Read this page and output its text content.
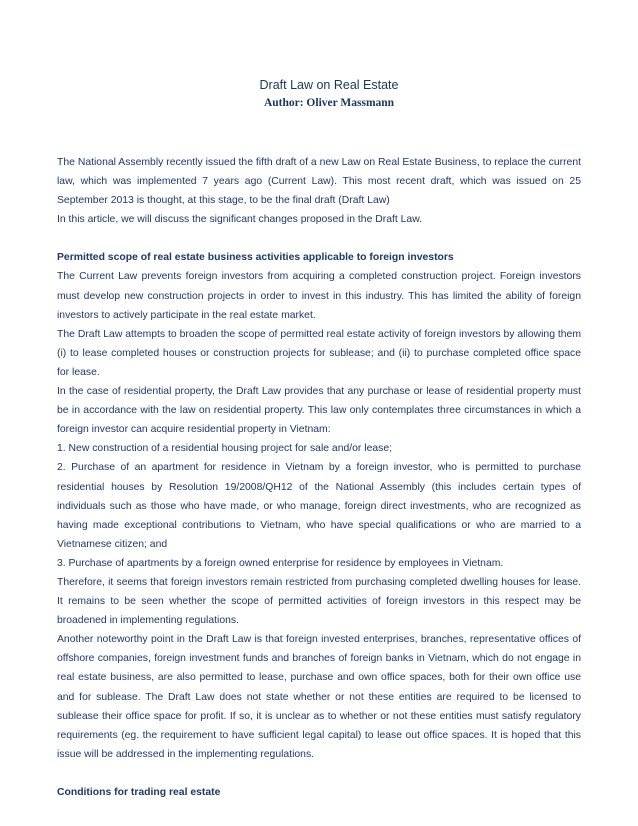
Draft Law on Real Estate
Author: Oliver Massmann

The National Assembly recently issued the fifth draft of a new Law on Real Estate Business, to replace the current law, which was implemented 7 years ago (Current Law). This most recent draft, which was issued on 25 September 2013 is thought, at this stage, to be the final draft (Draft Law)

In this article, we will discuss the significant changes proposed in the Draft Law.

Permitted scope of real estate business activities applicable to foreign investors

The Current Law prevents foreign investors from acquiring a completed construction project. Foreign investors must develop new construction projects in order to invest in this industry. This has limited the ability of foreign investors to actively participate in the real estate market.

The Draft Law attempts to broaden the scope of permitted real estate activity of foreign investors by allowing them (i) to lease completed houses or construction projects for sublease; and (ii) to purchase completed office space for lease.

In the case of residential property, the Draft Law provides that any purchase or lease of residential property must be in accordance with the law on residential property. This law only contemplates three circumstances in which a foreign investor can acquire residential property in Vietnam:

1. New construction of a residential housing project for sale and/or lease;

2. Purchase of an apartment for residence in Vietnam by a foreign investor, who is permitted to purchase residential houses by Resolution 19/2008/QH12 of the National Assembly (this includes certain types of individuals such as those who have made, or who manage, foreign direct investments, who are recognized as having made exceptional contributions to Vietnam, who have special qualifications or who are married to a Vietnamese citizen; and

3. Purchase of apartments by a foreign owned enterprise for residence by employees in Vietnam.

Therefore, it seems that foreign investors remain restricted from purchasing completed dwelling houses for lease. It remains to be seen whether the scope of permitted activities of foreign investors in this respect may be broadened in implementing regulations.

Another noteworthy point in the Draft Law is that foreign invested enterprises, branches, representative offices of offshore companies, foreign investment funds and branches of foreign banks in Vietnam, which do not engage in real estate business, are also permitted to lease, purchase and own office spaces, both for their own office use and for sublease. The Draft Law does not state whether or not these entities are required to be licensed to sublease their office space for profit. If so, it is unclear as to whether or not these entities must satisfy regulatory requirements (eg. the requirement to have sufficient legal capital) to lease out office spaces. It is hoped that this issue will be addressed in the implementing regulations.

Conditions for trading real estate
